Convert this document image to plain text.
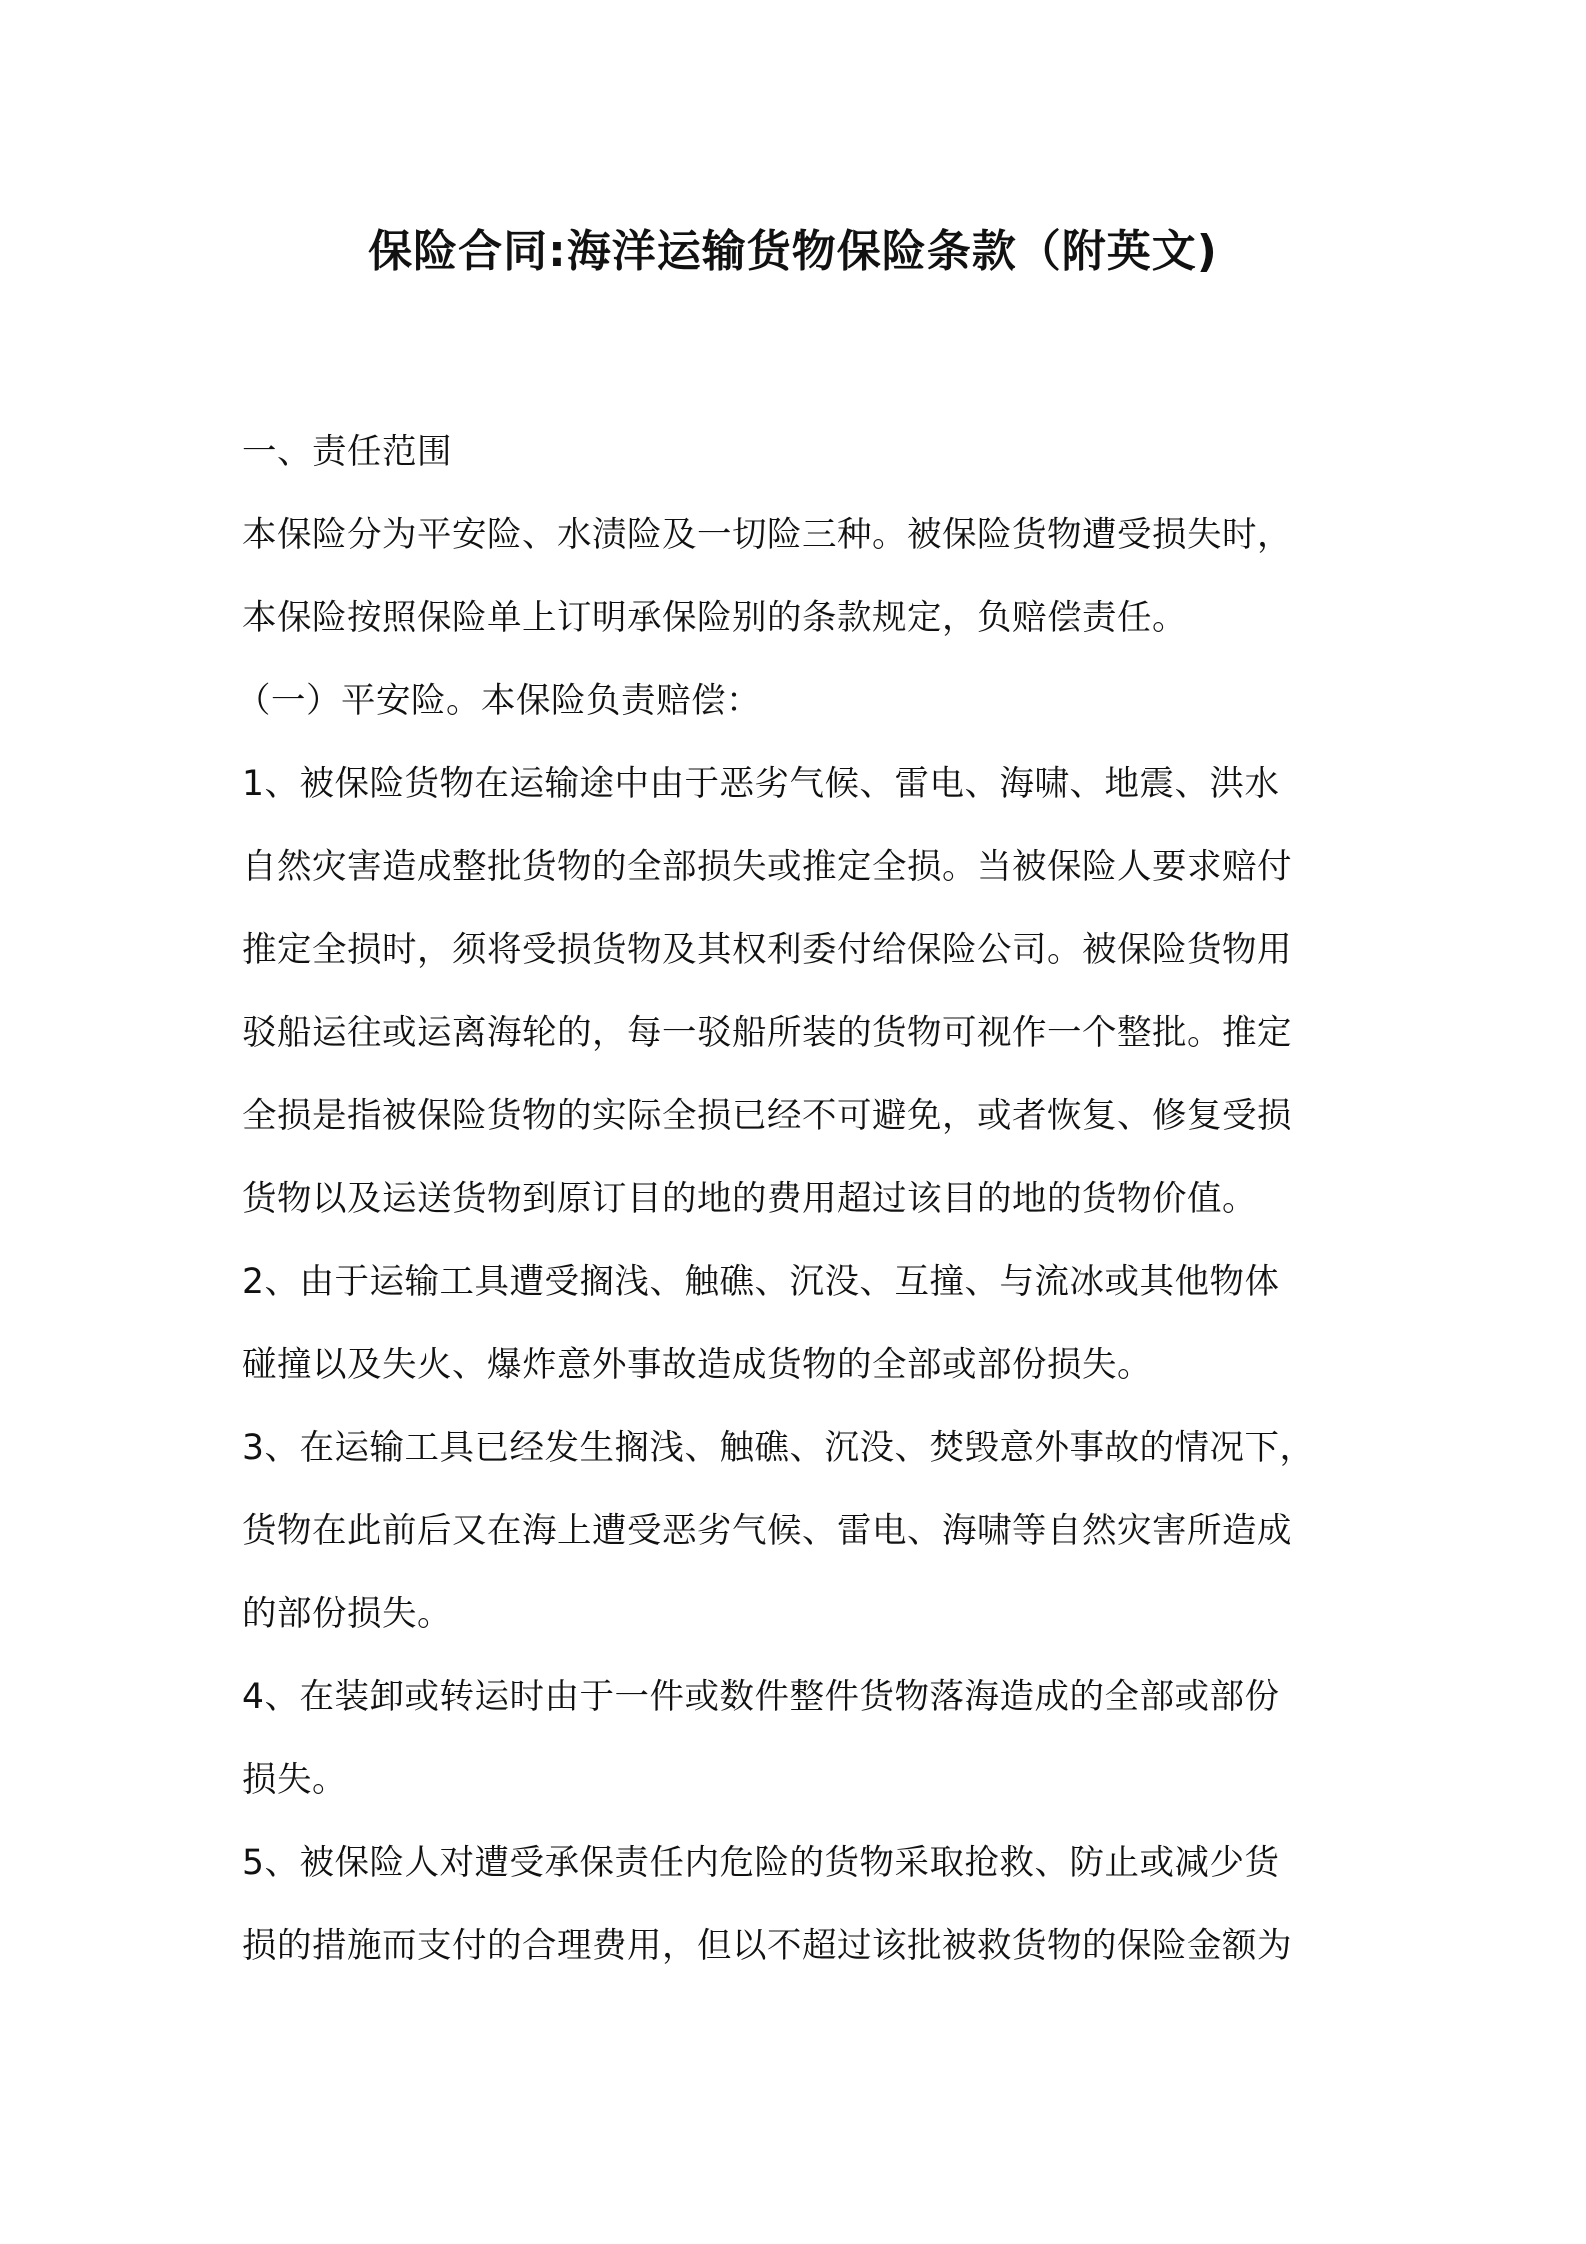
保险合同:海洋运输货物保险条款（附英文)
一、责任范围
本保险分为平安险、水渍险及一切险三种。被保险货物遭受损失时，
本保险按照保险单上订明承保险别的条款规定，负赔偿责任。
（一）平安险。本保险负责赔偿：
1、被保险货物在运输途中由于恶劣气候、雷电、海啸、地震、洪水
自然灾害造成整批货物的全部损失或推定全损。当被保险人要求赔付
推定全损时，须将受损货物及其权利委付给保险公司。被保险货物用
驳船运往或运离海轮的，每一驳船所装的货物可视作一个整批。推定
全损是指被保险货物的实际全损已经不可避免，或者恢复、修复受损
货物以及运送货物到原订目的地的费用超过该目的地的货物价值。
2、由于运输工具遭受搁浅、触礁、沉没、互撞、与流冰或其他物体
碰撞以及失火、爆炸意外事故造成货物的全部或部份损失。
3、在运输工具已经发生搁浅、触礁、沉没、焚毁意外事故的情况下，
货物在此前后又在海上遭受恶劣气候、雷电、海啸等自然灾害所造成
的部份损失。
4、在装卸或转运时由于一件或数件整件货物落海造成的全部或部份
损失。
5、被保险人对遭受承保责任内危险的货物采取抢救、防止或减少货
损的措施而支付的合理费用，但以不超过该批被救货物的保险金额为
